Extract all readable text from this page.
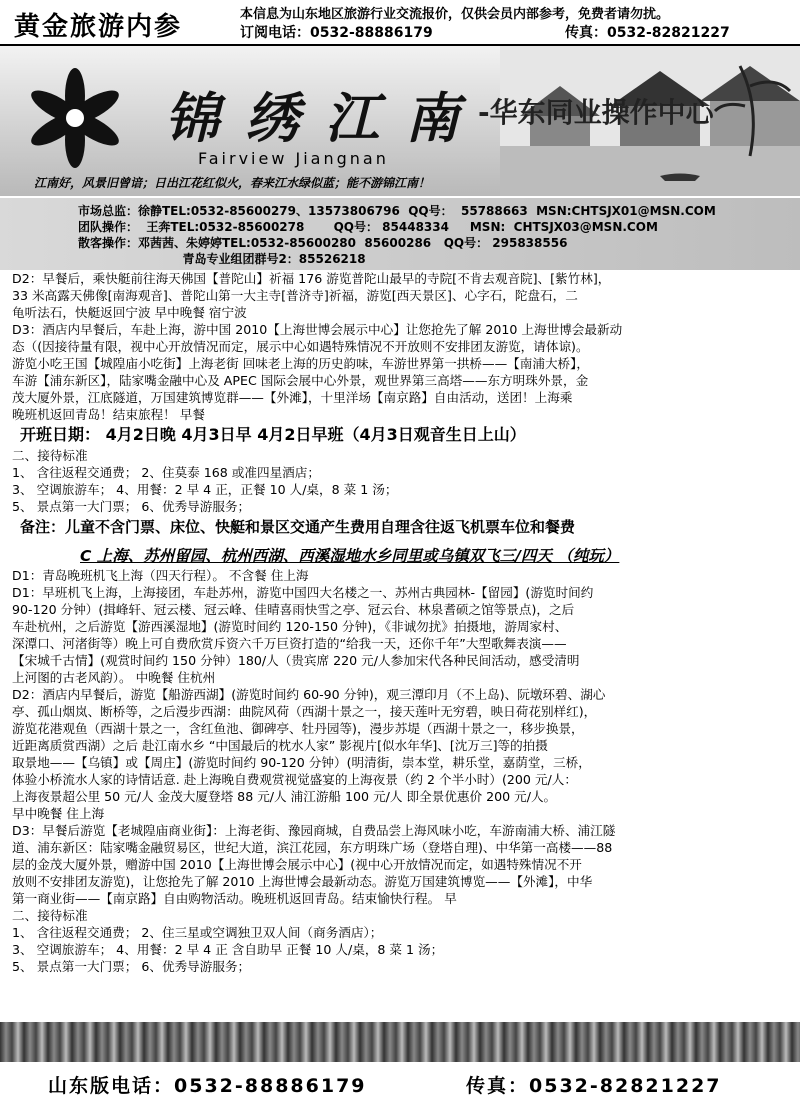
黄金旅游内参	本信息为山东地区旅游行业交流报价，仅供会员内部参考，免费者请勿扰。
订阅电话：0532-88886179	传真：0532-82821227
锦绣江南
-华东同业操作中心
Fairview Jiangnan
江南好，风景旧曾谙；日出江花红似火，春来江水绿似蓝；能不游锦江南！
市场总监：徐静TEL:0532-85600279、13573806796  QQ号：  55788663  MSN:CHTSJX01@MSN.COM
团队操作：  王奔TEL:0532-85600278       QQ号： 85448334     MSN:  CHTSJX03@MSN.COM
散客操作：邓茜茜、朱婷婷TEL:0532-85600280  85600286   QQ号： 295838556
青岛专业组团群号2：85526218

D2：早餐后，乘快艇前往海天佛国【普陀山】祈福 176 游览普陀山最早的寺院[不肯去观音院]、[紫竹林]，

33 米高露天佛像[南海观音]、普陀山第一大主寺[普济寺]祈福，游览[西天景区]、心字石，陀盘石，二

龟听法石，快艇返回宁波 早中晚餐 宿宁波

D3：酒店内早餐后，车赴上海，游中国 2010【上海世博会展示中心】让您抢先了解 2010 上海世博会最新动

态（(因接待量有限，视中心开放情况而定，展示中心如遇特殊情况不开放则不安排团友游览，请体谅)。

游览小吃王国【城隍庙小吃街】上海老街 回味老上海的历史韵味，车游世界第一拱桥——【南浦大桥】，

车游【浦东新区】，陆家嘴金融中心及 APEC 国际会展中心外景，观世界第三高塔——东方明珠外景，金

茂大厦外景，江底隧道，万国建筑博览群——【外滩】，十里洋场【南京路】自由活动，送团！上海乘

晚班机返回青岛！结束旅程！ 早餐

开班日期： 4月2日晚 4月3日早 4月2日早班（4月3日观音生日上山）

二、接待标准

1、 含往返程交通费； 2、住莫泰 168 或准四星酒店；

3、 空调旅游车； 4、用餐：2 早 4 正，正餐 10 人/桌，8 菜 1 汤；

5、 景点第一大门票； 6、优秀导游服务；

备注：儿童不含门票、床位、快艇和景区交通产生费用自理含往返飞机票车位和餐费
C 上海、苏州留园、杭州西湖、西溪湿地水乡同里或乌镇双飞三/四天 （纯玩）

D1：青岛晚班机飞上海（四天行程）。 不含餐 住上海

D1：早班机飞上海，上海接团，车赴苏州，游览中国四大名楼之一、苏州古典园林-【留园】(游览时间约

90-120 分钟）(揖峰轩、冠云楼、冠云峰、佳晴喜雨快雪之亭、冠云台、林泉耆硕之馆等景点)，之后

车赴杭州，之后游览【游西溪湿地】(游览时间约 120-150 分钟)，《非诚勿扰》拍摄地，游周家村、

深潭口、河渚街等）晚上可自费欣赏斥资六千万巨资打造的“给我一天，还你千年”大型歌舞表演——

【宋城千古情】(观赏时间约 150 分钟）180/人（贵宾席 220 元/人参加宋代各种民间活动，感受清明

上河图的古老风韵）。 中晚餐 住杭州

D2：酒店内早餐后，游览【船游西湖】(游览时间约 60-90 分钟)，观三潭印月（不上岛)、阮墩环碧、湖心

亭、孤山烟岚、断桥等，之后漫步西湖：曲院风荷（西湖十景之一，接天莲叶无穷碧，映日荷花别样红)，

游览花港观鱼（西湖十景之一，含红鱼池、御碑亭、牡丹园等)，漫步苏堤（西湖十景之一，移步换景，

近距离质赏西湖）之后 赴江南水乡 “中国最后的枕水人家” 影视片[似水年华]、[沈万三]等的拍摄

取景地——【乌镇】或【周庄】(游览时间约 90-120 分钟）(明清街，崇本堂，耕乐堂，嘉荫堂，三桥，

体验小桥流水人家的诗情话意. 赴上海晚自费观赏视觉盛宴的上海夜景（约 2 个半小时）(200 元/人：

上海夜景超公里 50 元/人 金茂大厦登塔 88 元/人 浦江游船 100 元/人 即全景优惠价 200 元/人。

早中晚餐 住上海

D3：早餐后游览【老城隍庙商业街】：上海老街、豫园商城，自费品尝上海风味小吃，车游南浦大桥、浦江隧

道、浦东新区：陆家嘴金融贸易区，世纪大道，滨江花园，东方明珠广场（登塔自理)、中华第一高楼——88

层的金茂大厦外景，赠游中国 2010【上海世博会展示中心】(视中心开放情况而定，如遇特殊情况不开

放则不安排团友游览)，让您抢先了解 2010 上海世博会最新动态。游览万国建筑博览——【外滩】，中华

第一商业街——【南京路】自由购物活动。晚班机返回青岛。结束愉快行程。 早

二、接待标准

1、 含往返程交通费； 2、住三星或空调独卫双人间（商务酒店）；

3、 空调旅游车； 4、用餐：2 早 4 正 含自助早 正餐 10 人/桌，8 菜 1 汤；

5、 景点第一大门票； 6、优秀导游服务；

山东版电话：0532-88886179	传真：0532-82821227
